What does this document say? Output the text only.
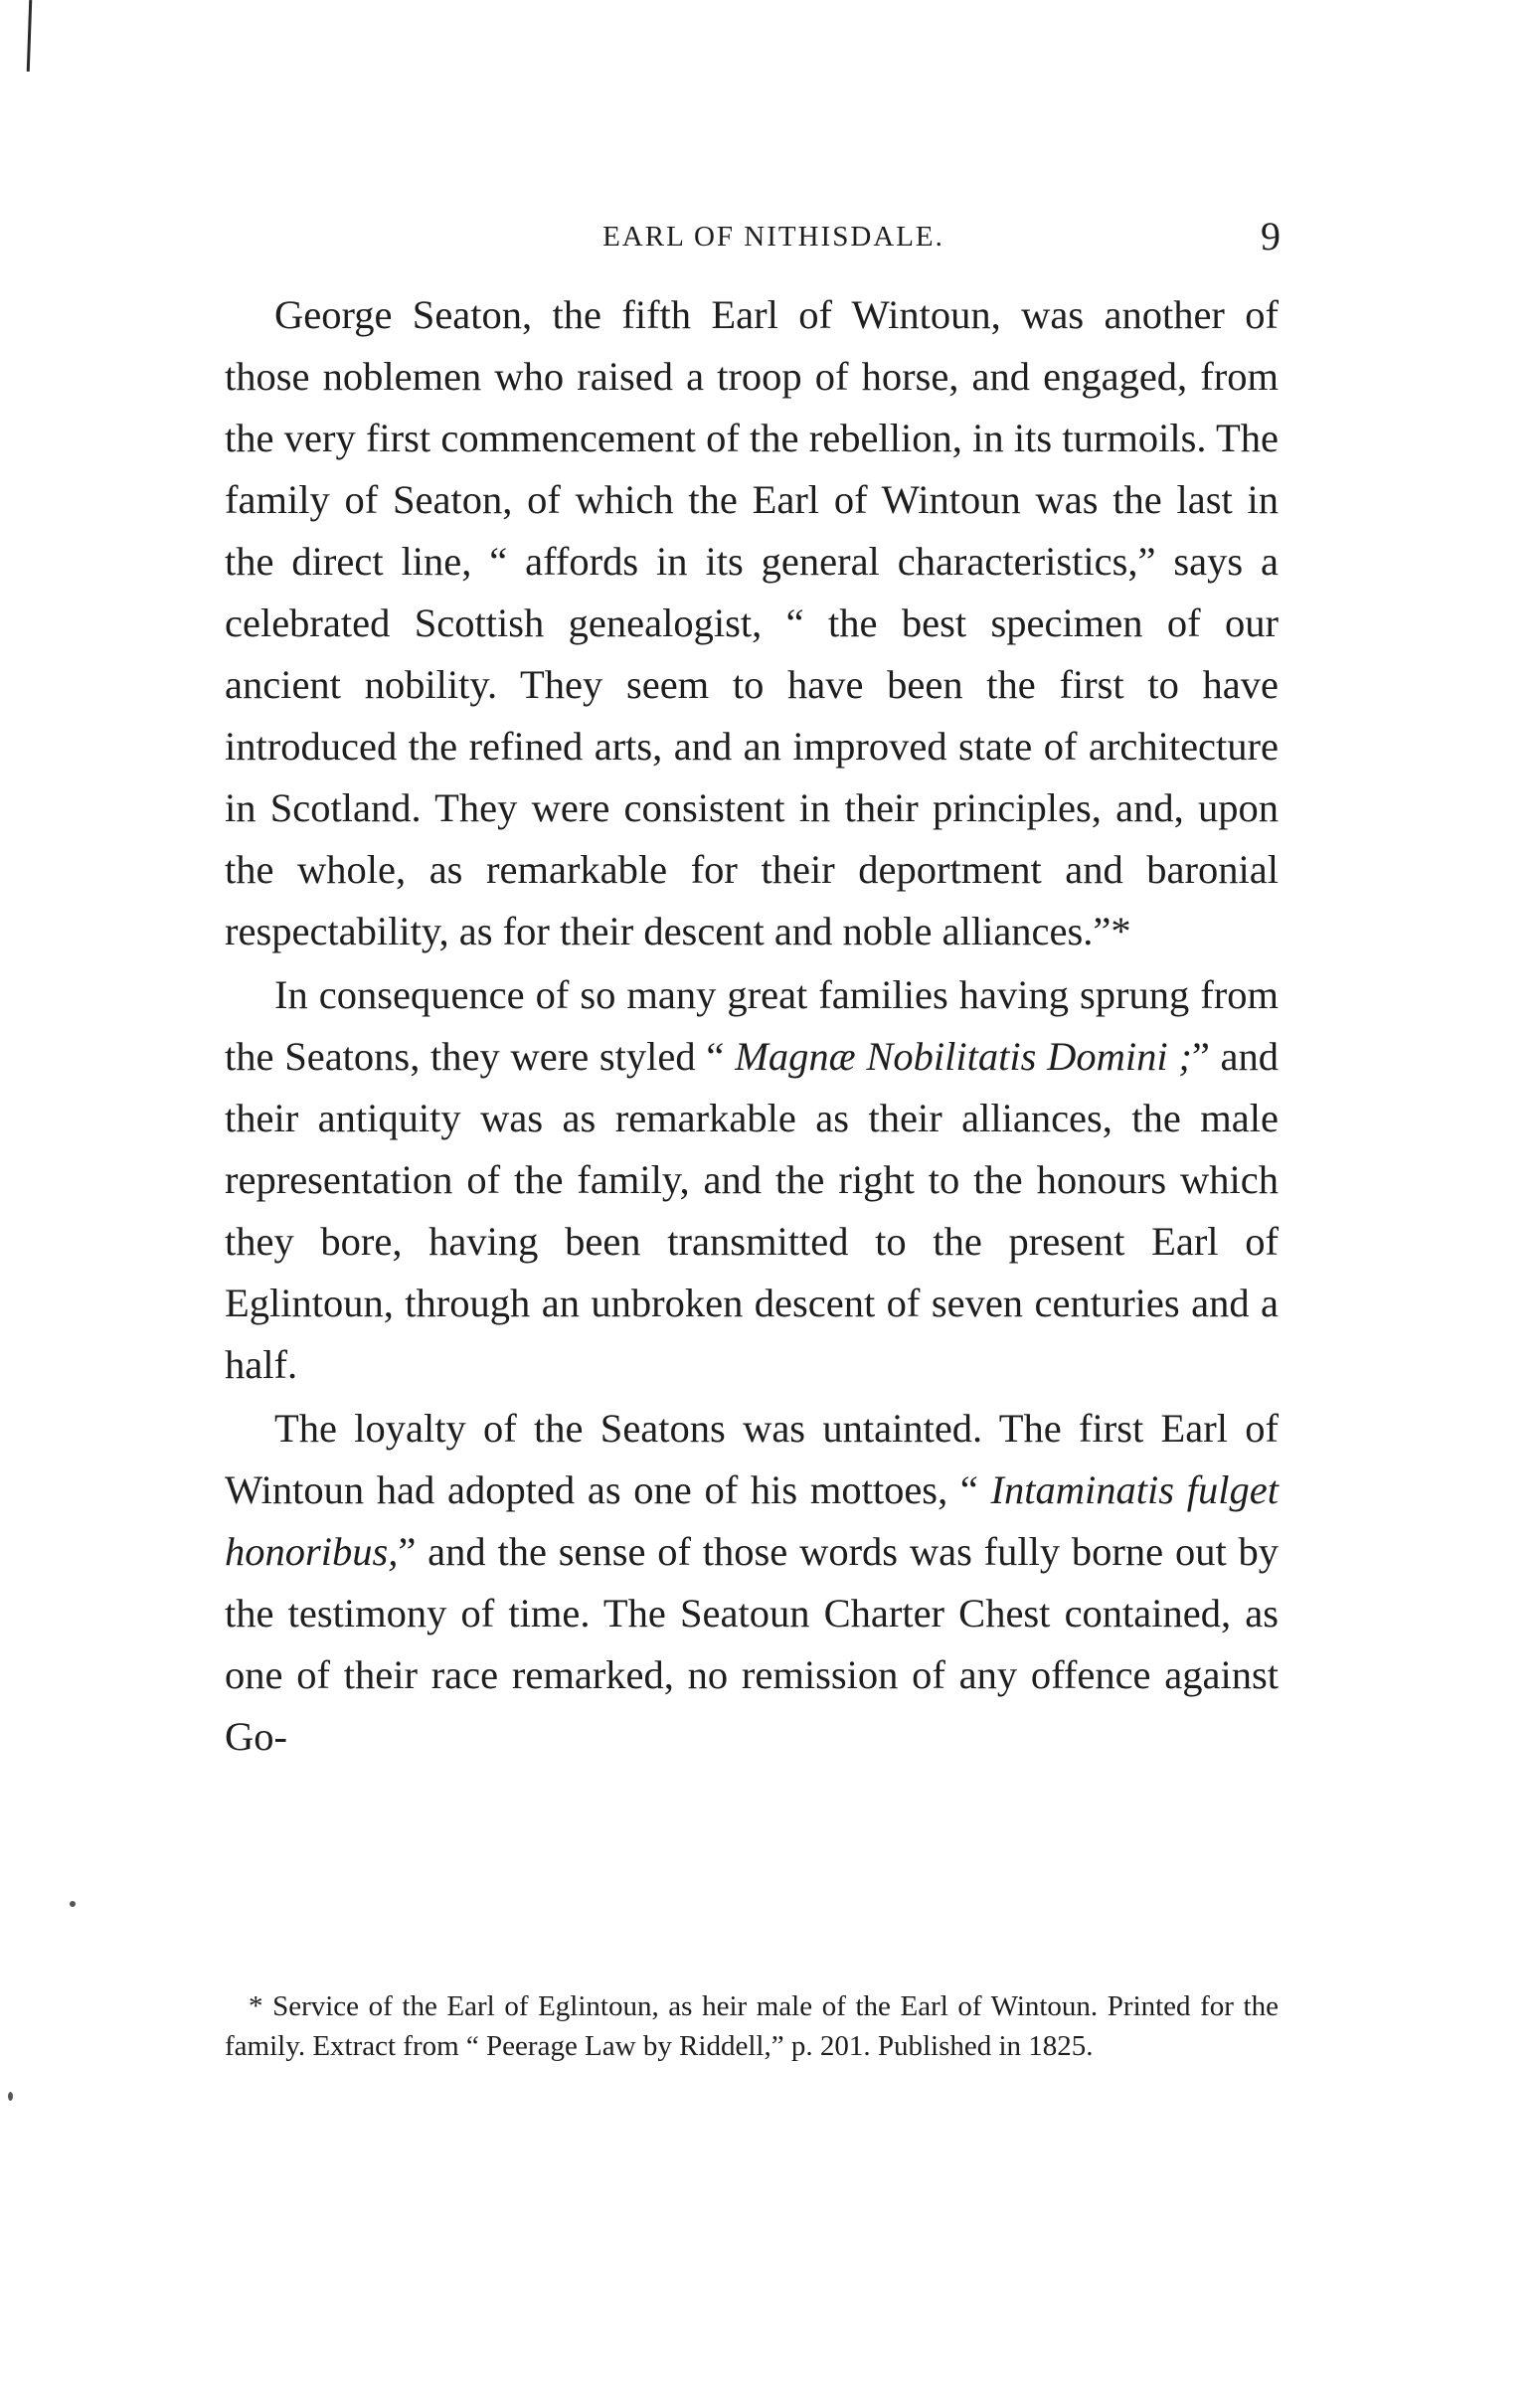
EARL OF NITHISDALE.	9

George Seaton, the fifth Earl of Wintoun, was another of those noblemen who raised a troop of horse, and engaged, from the very first commencement of the rebellion, in its turmoils. The family of Seaton, of which the Earl of Wintoun was the last in the direct line, “ affords in its general characteristics,” says a celebrated Scottish genealogist, “ the best specimen of our ancient nobility. They seem to have been the first to have introduced the refined arts, and an improved state of architecture in Scotland. They were consistent in their principles, and, upon the whole, as remarkable for their deportment and baronial respectability, as for their descent and noble alliances.”*

In consequence of so many great families having sprung from the Seatons, they were styled “ Magnæ Nobilitatis Domini ;” and their antiquity was as remarkable as their alliances, the male representation of the family, and the right to the honours which they bore, having been transmitted to the present Earl of Eglintoun, through an unbroken descent of seven centuries and a half.

The loyalty of the Seatons was untainted. The first Earl of Wintoun had adopted as one of his mottoes, “ Intaminatis fulget honoribus,” and the sense of those words was fully borne out by the testimony of time. The Seatoun Charter Chest contained, as one of their race remarked, no remission of any offence against Go-

* Service of the Earl of Eglintoun, as heir male of the Earl of Wintoun. Printed for the family. Extract from “ Peerage Law by Riddell,” p. 201. Published in 1825.
